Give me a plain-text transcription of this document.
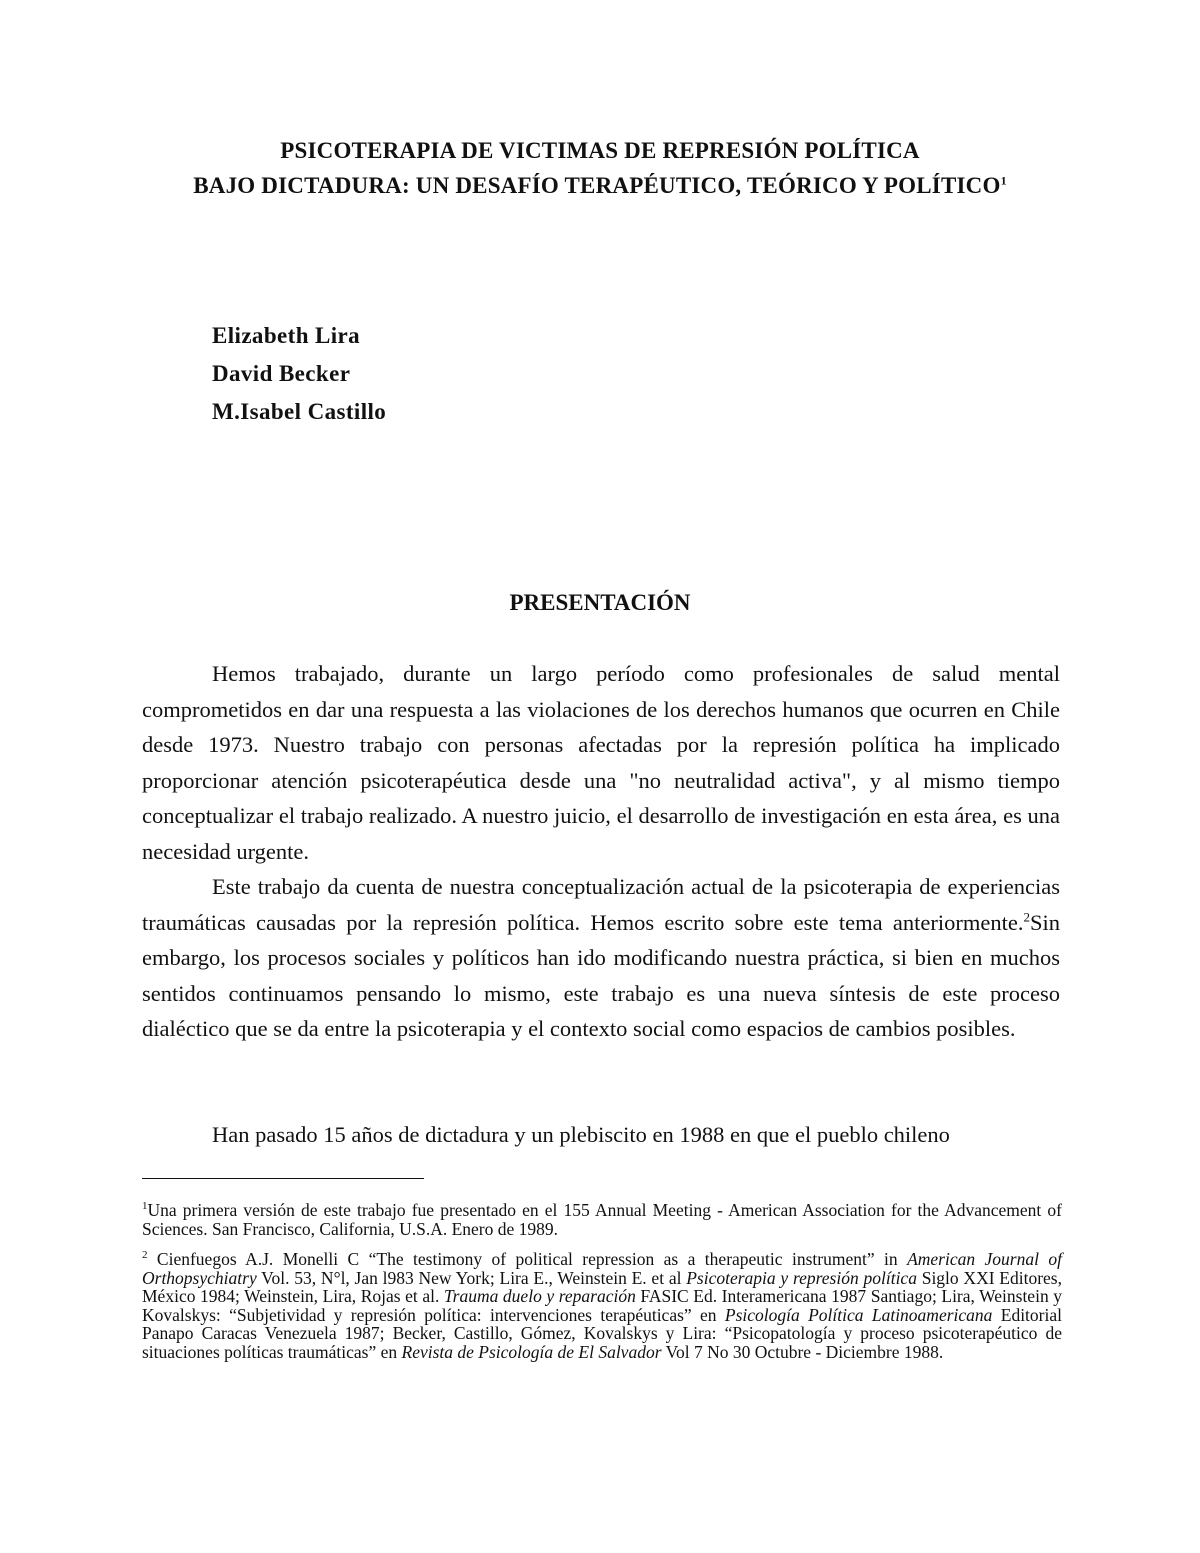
PSICOTERAPIA DE VICTIMAS DE REPRESIÓN POLÍTICA
BAJO DICTADURA: UN DESAFÍO TERAPÉUTICO, TEÓRICO Y POLÍTICO$^1$
Elizabeth Lira
David Becker
M.Isabel Castillo
PRESENTACIÓN

Hemos trabajado, durante un largo período como profesionales de salud mental comprometidos en dar una respuesta a las violaciones de los derechos humanos que ocurren en Chile desde 1973. Nuestro trabajo con personas afectadas por la represión política ha implicado proporcionar atención psicoterapéutica desde una "no neutralidad activa", y al mismo tiempo conceptualizar el trabajo realizado. A nuestro juicio, el desarrollo de investigación en esta área, es una necesidad urgente.

Este trabajo da cuenta de nuestra conceptualización actual de la psicoterapia de experiencias traumáticas causadas por la represión política. Hemos escrito sobre este tema anteriormente.$^2$Sin embargo, los procesos sociales y políticos han ido modificando nuestra práctica, si bien en muchos sentidos continuamos pensando lo mismo, este trabajo es una nueva síntesis de este proceso dialéctico que se da entre la psicoterapia y el contexto social como espacios de cambios posibles.

Han pasado 15 años de dictadura y un plebiscito en 1988 en que el pueblo chileno

$^1$Una primera versión de este trabajo fue presentado en el 155 Annual Meeting - American Association for the Advancement of Sciences. San Francisco, California, U.S.A. Enero de 1989.
$^2$ Cienfuegos A.J. Monelli C “The testimony of political repression as a therapeutic instrument” in American Journal of Orthopsychiatry Vol. 53, N°l, Jan l983 New York; Lira E., Weinstein E. et al Psicoterapia y represión política Siglo XXI Editores, México 1984; Weinstein, Lira, Rojas et al. Trauma duelo y reparación FASIC Ed. Interamericana 1987 Santiago; Lira, Weinstein y Kovalskys: “Subjetividad y represión política: intervenciones terapéuticas” en Psicología Política Latinoamericana Editorial Panapo Caracas Venezuela 1987; Becker, Castillo, Gómez, Kovalskys y Lira: “Psicopatología y proceso psicoterapéutico de situaciones políticas traumáticas” en Revista de Psicología de El Salvador Vol 7 No 30 Octubre - Diciembre 1988.
